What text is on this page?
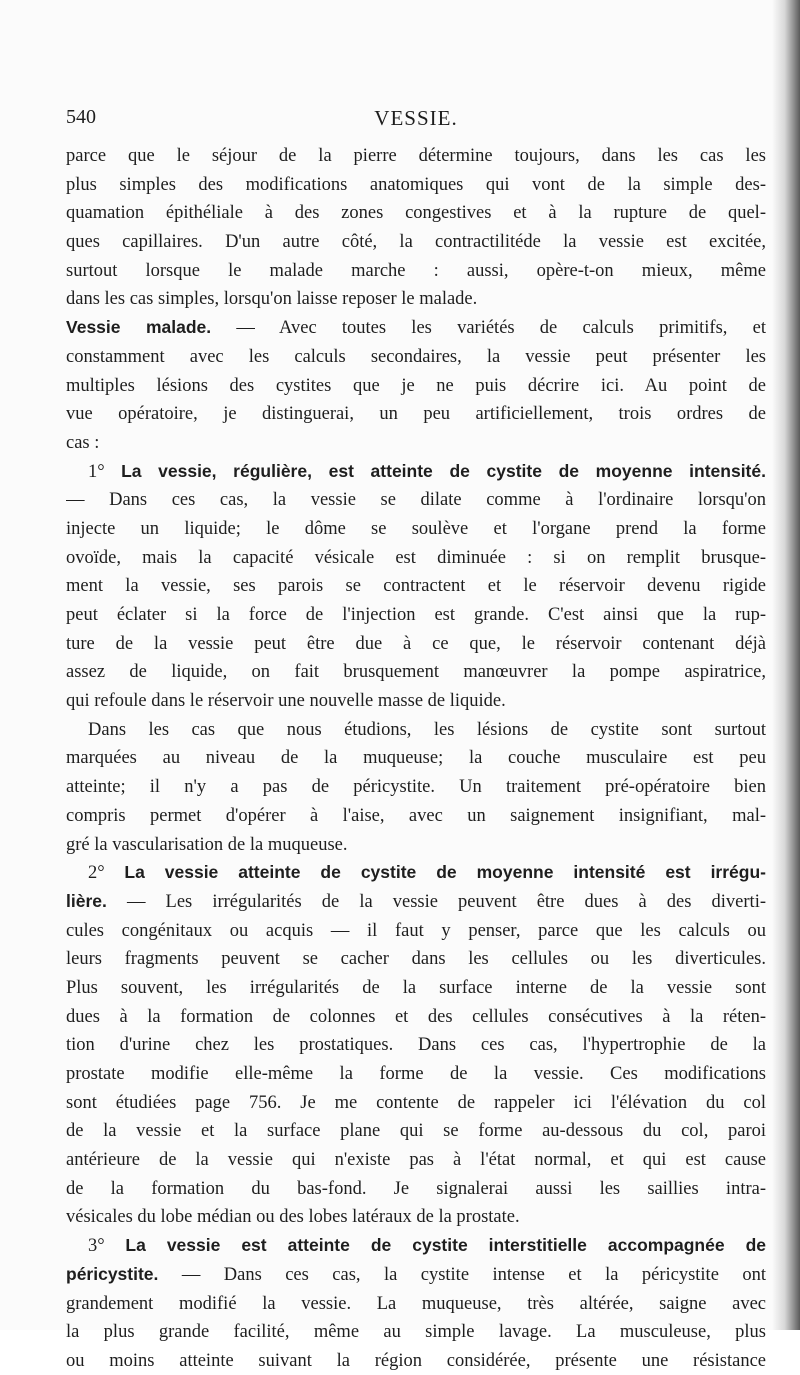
540	VESSIE.
parce que le séjour de la pierre détermine toujours, dans les cas les
plus simples des modifications anatomiques qui vont de la simple des-
quamation épithéliale à des zones congestives et à la rupture de quel-
ques capillaires. D'un autre côté, la contractilitéde la vessie est excitée,
surtout lorsque le malade marche : aussi, opère-t-on mieux, même
dans les cas simples, lorsqu'on laisse reposer le malade.
Vessie malade. — Avec toutes les variétés de calculs primitifs, et
constamment avec les calculs secondaires, la vessie peut présenter les
multiples lésions des cystites que je ne puis décrire ici. Au point de
vue opératoire, je distinguerai, un peu artificiellement, trois ordres de
cas :
1° La vessie, régulière, est atteinte de cystite de moyenne intensité.
— Dans ces cas, la vessie se dilate comme à l'ordinaire lorsqu'on
injecte un liquide; le dôme se soulève et l'organe prend la forme
ovoïde, mais la capacité vésicale est diminuée : si on remplit brusque-
ment la vessie, ses parois se contractent et le réservoir devenu rigide
peut éclater si la force de l'injection est grande. C'est ainsi que la rup-
ture de la vessie peut être due à ce que, le réservoir contenant déjà
assez de liquide, on fait brusquement manœuvrer la pompe aspiratrice,
qui refoule dans le réservoir une nouvelle masse de liquide.
Dans les cas que nous étudions, les lésions de cystite sont surtout
marquées au niveau de la muqueuse; la couche musculaire est peu
atteinte; il n'y a pas de péricystite. Un traitement pré-opératoire bien
compris permet d'opérer à l'aise, avec un saignement insignifiant, mal-
gré la vascularisation de la muqueuse.
2° La vessie atteinte de cystite de moyenne intensité est irrégu-
lière. — Les irrégularités de la vessie peuvent être dues à des diverti-
cules congénitaux ou acquis — il faut y penser, parce que les calculs ou
leurs fragments peuvent se cacher dans les cellules ou les diverticules.
Plus souvent, les irrégularités de la surface interne de la vessie sont
dues à la formation de colonnes et des cellules consécutives à la réten-
tion d'urine chez les prostatiques. Dans ces cas, l'hypertrophie de la
prostate modifie elle-même la forme de la vessie. Ces modifications
sont étudiées page 756. Je me contente de rappeler ici l'élévation du col
de la vessie et la surface plane qui se forme au-dessous du col, paroi
antérieure de la vessie qui n'existe pas à l'état normal, et qui est cause
de la formation du bas-fond. Je signalerai aussi les saillies intra-
vésicales du lobe médian ou des lobes latéraux de la prostate.
3° La vessie est atteinte de cystite interstitielle accompagnée de
péricystite. — Dans ces cas, la cystite intense et la péricystite ont
grandement modifié la vessie. La muqueuse, très altérée, saigne avec
la plus grande facilité, même au simple lavage. La musculeuse, plus
ou moins atteinte suivant la région considérée, présente une résistance
